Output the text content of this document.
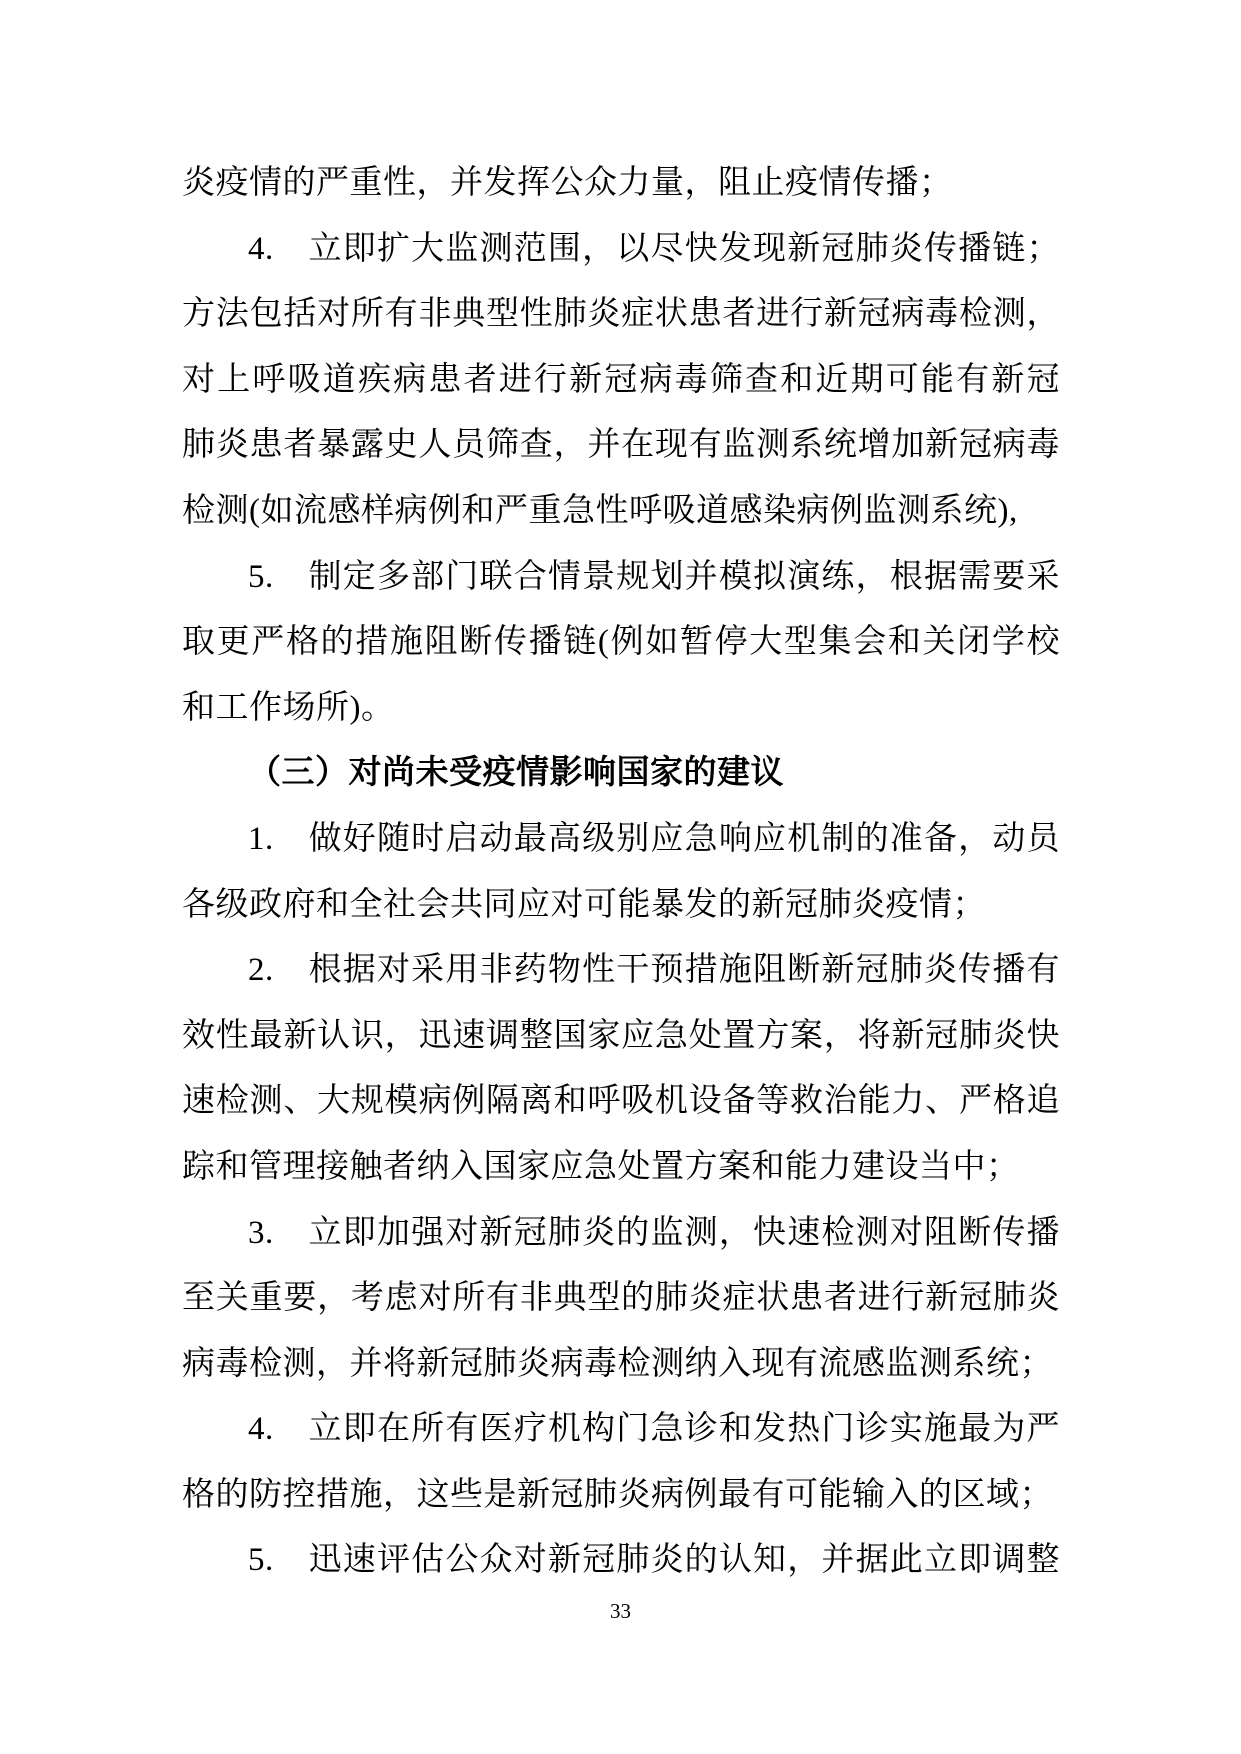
炎疫情的严重性，并发挥公众力量，阻止疫情传播；
4.　立即扩大监测范围，以尽快发现新冠肺炎传播链；
方法包括对所有非典型性肺炎症状患者进行新冠病毒检测，
对上呼吸道疾病患者进行新冠病毒筛查和近期可能有新冠
肺炎患者暴露史人员筛查，并在现有监测系统增加新冠病毒
检测(如流感样病例和严重急性呼吸道感染病例监测系统),
5.　制定多部门联合情景规划并模拟演练，根据需要采
取更严格的措施阻断传播链(例如暂停大型集会和关闭学校
和工作场所)。
（三）对尚未受疫情影响国家的建议
1.　做好随时启动最高级别应急响应机制的准备，动员
各级政府和全社会共同应对可能暴发的新冠肺炎疫情；
2.　根据对采用非药物性干预措施阻断新冠肺炎传播有
效性最新认识，迅速调整国家应急处置方案，将新冠肺炎快
速检测、大规模病例隔离和呼吸机设备等救治能力、严格追
踪和管理接触者纳入国家应急处置方案和能力建设当中；
3.　立即加强对新冠肺炎的监测，快速检测对阻断传播
至关重要，考虑对所有非典型的肺炎症状患者进行新冠肺炎
病毒检测，并将新冠肺炎病毒检测纳入现有流感监测系统；
4.　立即在所有医疗机构门急诊和发热门诊实施最为严
格的防控措施，这些是新冠肺炎病例最有可能输入的区域；
5.　迅速评估公众对新冠肺炎的认知，并据此立即调整
33
